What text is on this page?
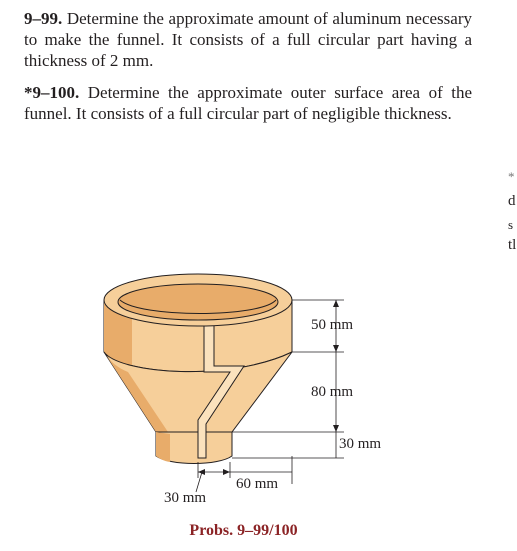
9–99. Determine the approximate amount of aluminum necessary to make the funnel. It consists of a full circular part having a thickness of 2 mm.
*9–100. Determine the approximate outer surface area of the funnel. It consists of a full circular part of negligible thickness.
*
d
s
tl
50 mm
80 mm
30 mm
30 mm
60 mm
Probs. 9–99/100
